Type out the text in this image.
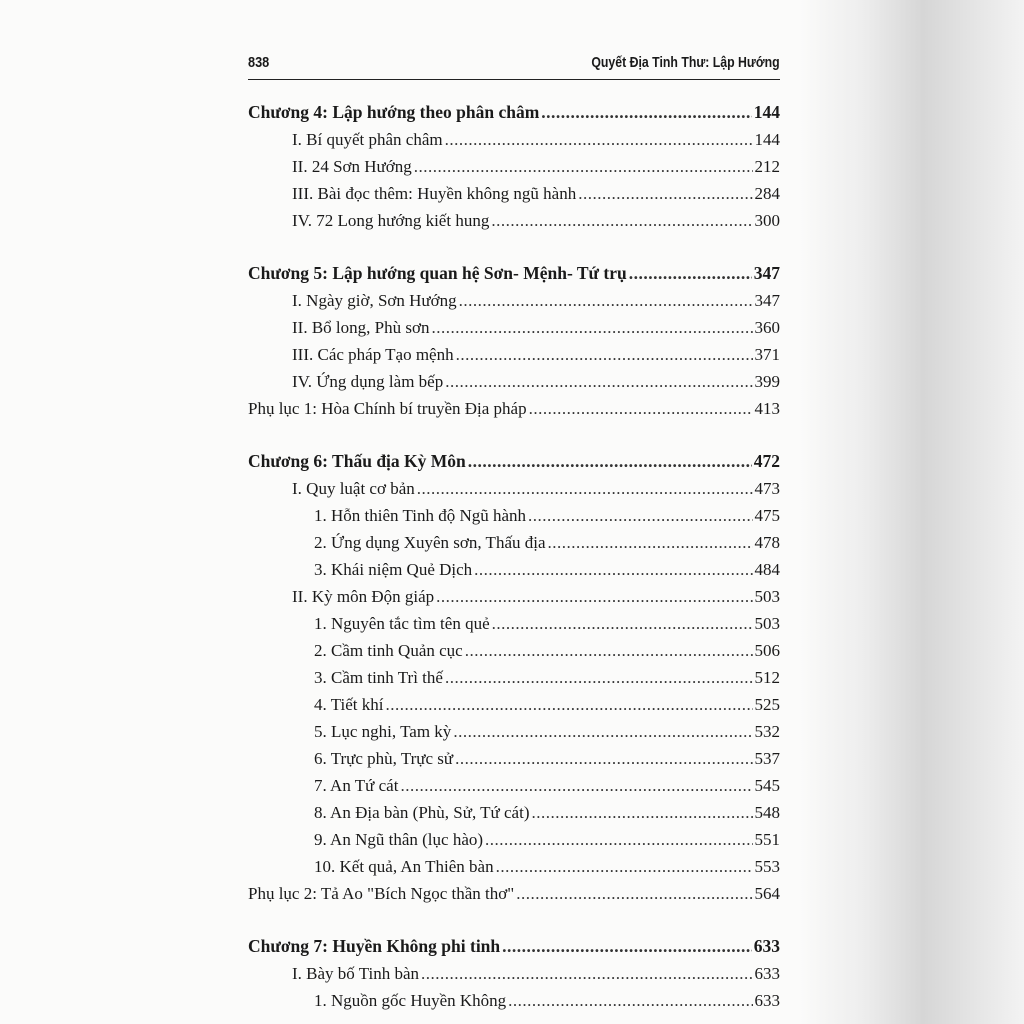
838	Quyết Địa Tinh Thư: Lập Hướng
Chương 4: Lập hướng theo phân châm .....	144
I. Bí quyết phân châm .....	144
II. 24 Sơn Hướng .....	212
III. Bài đọc thêm: Huyền không ngũ hành .....	284
IV. 72 Long hướng kiết hung .....	300
Chương 5: Lập hướng quan hệ Sơn- Mệnh- Tứ trụ .....	347
I. Ngày giờ, Sơn Hướng .....	347
II. Bổ long, Phù sơn .....	360
III. Các pháp Tạo mệnh .....	371
IV. Ứng dụng làm bếp .....	399
Phụ lục 1: Hòa Chính bí truyền Địa pháp .....	413
Chương 6: Thấu địa Kỳ Môn .....	472
I. Quy luật cơ bản .....	473
1. Hỗn thiên Tinh độ Ngũ hành .....	475
2. Ứng dụng Xuyên sơn, Thấu địa .....	478
3. Khái niệm Quẻ Dịch .....	484
II. Kỳ môn Độn giáp .....	503
1. Nguyên tắc tìm tên quẻ .....	503
2. Cầm tinh Quản cục .....	506
3. Cầm tinh Trì thế .....	512
4. Tiết khí .....	525
5. Lục nghi, Tam kỳ .....	532
6. Trực phù, Trực sử .....	537
7. An Tứ cát .....	545
8. An Địa bàn (Phù, Sử, Tứ cát) .....	548
9. An Ngũ thân (lục hào) .....	551
10. Kết quả, An Thiên bàn .....	553
Phụ lục 2: Tả Ao "Bích Ngọc thần thơ" .....	564
Chương 7: Huyền Không phi tinh .....	633
I. Bày bố Tinh bàn .....	633
1. Nguồn gốc Huyền Không .....	633
